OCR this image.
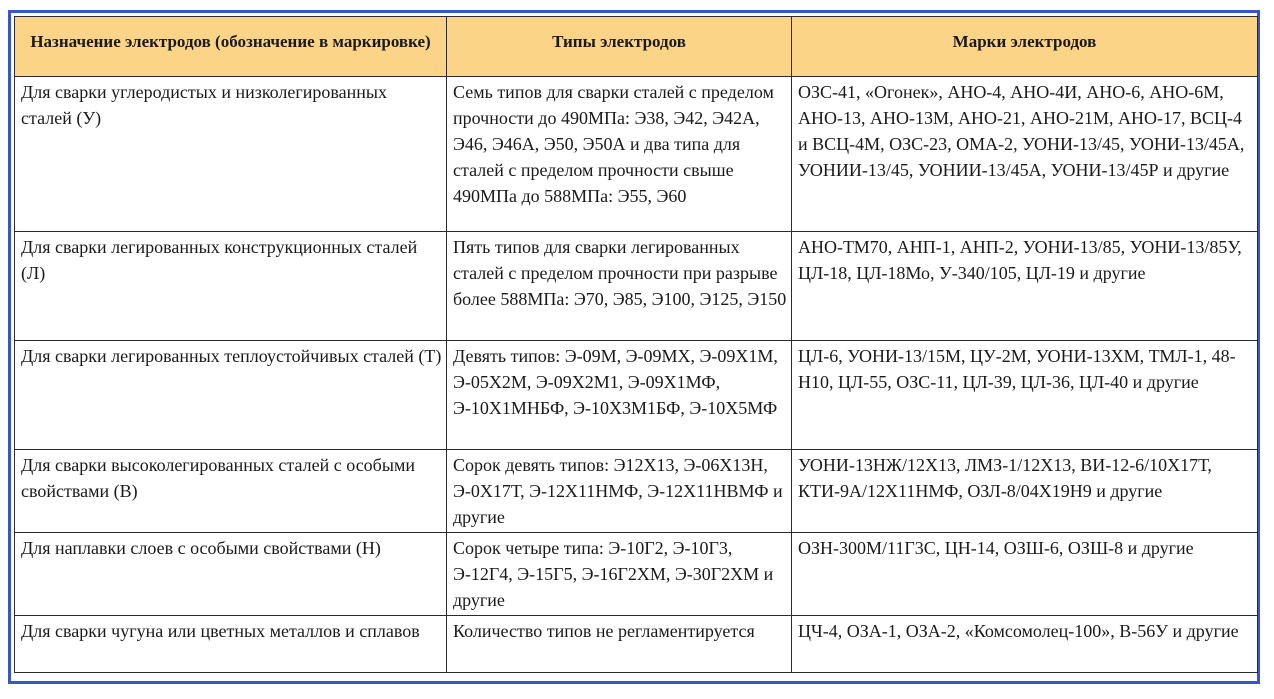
Назначение электродов (обозначение в маркировке)	Типы электродов	Марки электродов
Для сварки углеродистых и низколегированных сталей (У)	Семь типов для сварки сталей с пределом прочности до 490МПа: Э38, Э42, Э42А, Э46, Э46А, Э50, Э50А и два типа для сталей с пределом прочности свыше 490МПа до 588МПа: Э55, Э60	ОЗС-41, «Огонек», АНО-4, АНО-4И, АНО-6, АНО-6М, АНО-13, АНО-13М, АНО-21, АНО-21М, АНО-17, ВСЦ-4 и ВСЦ-4М, ОЗС-23, ОМА-2, УОНИ-13/45, УОНИ-13/45А, УОНИИ-13/45, УОНИИ-13/45А, УОНИ-13/45Р и другие
Для сварки легированных конструкционных сталей (Л)	Пять типов для сварки легированных сталей с пределом прочности при разрыве более 588МПа: Э70, Э85, Э100, Э125, Э150	АНО-ТМ70, АНП-1, АНП-2, УОНИ-13/85, УОНИ-13/85У, ЦЛ-18, ЦЛ-18Мо, У-340/105, ЦЛ-19 и другие
Для сварки легированных теплоустойчивых сталей (Т)	Девять типов: Э-09М, Э-09МХ, Э-09Х1М, Э-05Х2М, Э-09Х2М1, Э-09Х1МФ, Э-10Х1МНБФ, Э-10Х3М1БФ, Э-10Х5МФ	ЦЛ-6, УОНИ-13/15М, ЦУ-2М, УОНИ-13ХМ, ТМЛ-1, 48-Н10, ЦЛ-55, ОЗС-11, ЦЛ-39, ЦЛ-36, ЦЛ-40 и другие
Для сварки высоколегированных сталей с особыми свойствами (В)	Сорок девять типов: Э12Х13, Э-06Х13Н, Э-0Х17Т, Э-12Х11НМФ, Э-12Х11НВМФ и другие	УОНИ-13НЖ/12Х13, ЛМЗ-1/12Х13, ВИ-12-6/10Х17Т, КТИ-9А/12Х11НМФ, ОЗЛ-8/04Х19Н9 и другие
Для наплавки слоев с особыми свойствами (Н)	Сорок четыре типа: Э-10Г2, Э-10Г3, Э-12Г4, Э-15Г5, Э-16Г2ХМ, Э-30Г2ХМ и другие	ОЗН-300М/11Г3С, ЦН-14, ОЗШ-6, ОЗШ-8 и другие
Для сварки чугуна или цветных металлов и сплавов	Количество типов не регламентируется	ЦЧ-4, ОЗА-1, ОЗА-2, «Комсомолец-100», В-56У и другие
